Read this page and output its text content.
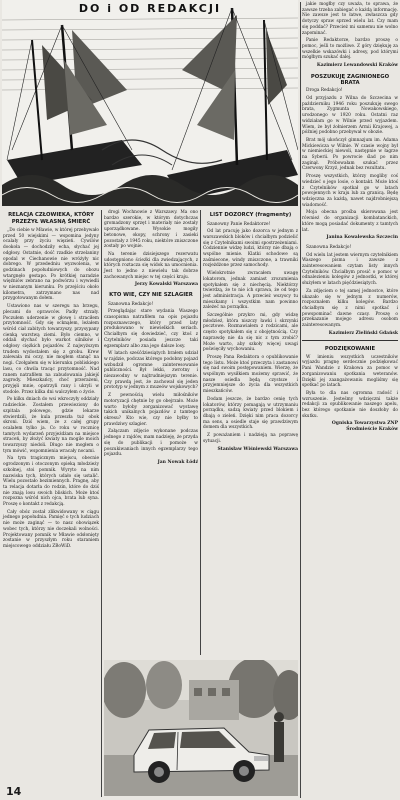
DO i OD REDAKCJI	jakie mogłby czy uważa, to sprawa, że zawsze trzeba zabiegać o każdą informację. Nie zawsze jest to łatwe, zwłaszcza gdy dotyczy spraw sprzed wielu lat. Czy mam się poddać? Przecież mi samemu nie wolno zapominać.

Panie Redaktorze, bardzo proszę o pomoc, jeśli to możliwe. Z góry dziękuję za wszelkie wskazówki i adresy, pod którymi mógłbym szukać dalej.

Kazimierz Lewandowski Kraków
POSZUKUJĘ ZAGINIONEGO BRATA

Droga Redakcjo!

Od przyjazdu z Wilna do Szczecina w październiku 1946 roku poszukuję swego brata, Zygmunta Nowakowskiego, urodzonego w 1920 roku. Ostatni raz widziałam go w Wilnie przed wyjazdem. Wiem, że był żołnierzem Armii Krajowej, a później podobno przebywał w obozie.

Brat mój ukończył gimnazjum im. Adama Mickiewicza w Wilnie. W czasie wojny był w niemieckiej niewoli, następnie w łagrze na Syberii. Po powrocie ślad po nim zaginął. Próbowałam szukać przez Czerwony Krzyż, jednak bez rezultatu.

Proszę wszystkich, którzy mogliby coś wiedzieć o jego losie, o kontakt. Może ktoś z Czytelników spotkał go w latach powojennych w kraju lub za granicą. Będę wdzięczna za każdą, nawet najdrobniejszą wiadomość.

Moja obecna prośba skierowana jest również do organizacji kombatanckich, które mogą posiadać dokumenty z tamtych lat.

Janina Kowalewska Szczecin

Szanowna Redakcjo!

Od wielu lat jestem wiernym czytelnikiem Waszego pisma i zawsze z zainteresowaniem czytam listy innych Czytelników. Chciałbym prosić o pomoc w odnalezieniu kolegów z jednostki, w której służyłem w latach pięćdziesiątych.

Za zdjęciem o tej samej jednostce, które ukazało się w jednym z numerów, rozpoznałem kilku kolegów. Bardzo chciałbym się z nimi spotkać i powspominać dawne czasy. Proszę o przekazanie mojego adresu osobom zainteresowanym.

Kazimierz Zieliński Gdańsk
PODZIĘKOWANIE

W imieniu wszystkich uczestników wyjazdu pragnę serdecznie podziękować Pani Wandzie z Krakowa za pomoc w zorganizowaniu spotkania weteranów. Dzięki jej zaangażowaniu mogliśmy się spotkać po latach.

Była to dla nas ogromna radość i wzruszenie. Jesteśmy wdzięczni także redakcji za opublikowanie naszego apelu, bez którego spotkanie nie doszłoby do skutku.

Ogniska Towarzystwa ZNP Środmieście Kraków
RELACJA CZŁOWIEKA, KTÓRY PRZEŻYŁ WŁASNĄ ŚMIERĆ

„Do ciebie w Mławie, w której przebywało przed 50 wiejskimi — wspomina jedyny ocalały przy życiu więzień. Cywilów dookoła — dochodziły echa, słychać jej odgłosy. Ostatnie, dość rzadkie strzelaniny opodal w Ciechanowie nie wróżyły nic dobrego. W przededniu wyzwolenia, w godzinach popołudniowych do obozu wtargnęło gestapo. Po krótkiej naradzie więźniów zebrano na podwórzu i wywiedli w nieznanym kierunku. Po przejściu około kilometra, zatrzymano nas nad przygotowanym dołem.

Ustawiono nas w szeregu na brzegu, plecami do oprawców. Padły strzały. Poczułem uderzenie w głowę i straciłem przytomność. Gdy się ocknąłem, leżałem wśród ciał zabitych towarzyszy, przysypany cienką warstwą ziemi. Było ciemno, w oddali słychać było warkot silników i odgłosy ciężkich pojazdów. Z najwyższym trudem wydostałem się z grobu. Krew zalewała mi oczy, nie mogłem stanąć na nogi. Czołgałem się w kierunku pobliskiego lasu, co chwila tracąc przytomność. Nad ranem natrafiłem na zabudowania jakiejś zagrody. Mieszkańcy, choć przerażeni, przyjęli mnie, opatrzyli rany i ukryli w stodole. Przez kilka dni walczyłem o życie.

Po kilku dniach do wsi wkroczyły oddziały radzieckie. Zostałem przewieziony do szpitala polowego, gdzie lekarze stwierdzili, że kula przeszła tuż obok skroni. Dziś wiem, że z całej grupy ocalałem tylko ja. Co roku w rocznicę tamtych wydarzeń przyjeżdżam na miejsce straceń, by złożyć kwiaty na mogile moich towarzyszy niedoli. Długo nie mogłem o tym mówić, wspomnienia wracały nocami.

Na tym tragicznym miejscu, obecnie ogrodzonym i otoczonym opieką młodzieży szkolnej, stoi pomnik. Wyryto na nim nazwiska tych, których udało się ustalić. Wielu pozostało bezimiennych. Pragnę, aby ta relacja dotarła do rodzin, które do dziś nie znają losu swoich bliskich. Może ktoś rozpozna wśród nich ojca, brata lub syna. Proszę o kontakt z redakcją.

Cały obóz został zlikwidowany w ciągu jednego popołudnia. Pamięć o tych ludziach nie może zaginąć — to nasz obowiązek wobec tych, którzy nie doczekali wolności. Projektowany pomnik w Mławie odsłonięty zostanie w przyszłym roku staraniem miejscowego oddziału ZBoWiD.

drogi Wochnowie z Warszawy. Ma ono bardzo szerokie, w którym dotychczas gromadzony sprzęt i materiały nie zostały uporządkowane. Wysokie mogiły betonowe, okopy, schrony i zasieki pozostały z 1945 roku, niektóre zniszczone zostały po wojnie.

Na terenie dzisiejszego rezerwatu udostępniono ścieżki dla zwiedzających, z których roztacza się widok na umocnienia. Jest to jedno z niewielu tak dobrze zachowanych miejsc w tej części kraju.

Jerzy Kowalski Warszawa
KTO WIE, CZY NIE SZLAGIER

Szanowna Redakcjo!

Przeglądając stare wydania Waszego czasopisma natrafiłem na opis pojazdu rozpoznawczego, który przed laty produkowano w niewielkich seriach. Chciałbym się dowiedzieć, czy ktoś z Czytelników posiada jeszcze taki egzemplarz albo zna jego dalsze losy.

W latach sześćdziesiątych brałem udział w rajdzie, podczas którego podobny pojazd wzbudził ogromne zainteresowanie publiczności. Był lekki, zwrotny i niezawodny w najtrudniejszym terenie. Czy prawdą jest, że zachował się jeden prototyp w jednym z muzeów wojskowych?

Z pewnością wielu miłośników motoryzacji chętnie by go obejrzało. Może warto byłoby zorganizować wystawę takich unikalnych pojazdów z tamtego okresu? Kto wie, czy nie byłby to prawdziwy szlagier.

Załączam zdjęcie wykonane podczas jednego z rajdów, mam nadzieję, że przyda się do publikacji i pomoże w poszukiwaniach innych egzemplarzy tego pojazdu.

Jan Nowak Łódź
LIST DOZORCY (fragmenty)

Szanowny Panie Redaktorze!

Od lat pracuję jako dozorca w jednym z warszawskich bloków i chciałbym podzielić się z Czytelnikami swoimi spostrzeżeniami. Codziennie widzę ludzi, którzy nie dbają o wspólne mienie. Klatki schodowe są zaśmiecone, windy zniszczone, a trawniki rozjeżdżone przez samochody.

Wielokrotnie zwracałem uwagę lokatorom, jednak zamiast zrozumienia spotykałem się z niechęcią. Niektórzy twierdzą, że to nie ich sprawa, że od tego jest administracja. A przecież wszyscy tu mieszkamy i wszystkim nam powinno zależeć na porządku.

Szczególnie przykro mi, gdy widzę młodzież, która niszczy ławki i skrzynki pocztowe. Rozmawiałem z rodzicami, ale często spotykałem się z obojętnością. Czy naprawdę nie da się nic z tym zrobić? Może warto, aby szkoły więcej uwagi poświęciły wychowaniu.

Proszę Pana Redaktora o opublikowanie tego listu. Może ktoś przeczyta i zastanowi się nad swoim postępowaniem. Wierzę, że wspólnym wysiłkiem możemy sprawić, że nasze osiedla będą czystsze i przyjemniejsze do życia dla wszystkich mieszkańców.

Dodam jeszcze, że bardzo cenię tych lokatorów, którzy pomagają w utrzymaniu porządku, sadzą kwiaty przed blokiem i dbają o zieleń. Dzięki nim praca dozorcy ma sens, a osiedle staje się prawdziwym domem dla wszystkich.

Z poważaniem i nadzieją na poprawę sytuacji.

Stanisław Wiśniewski Warszawa
14
